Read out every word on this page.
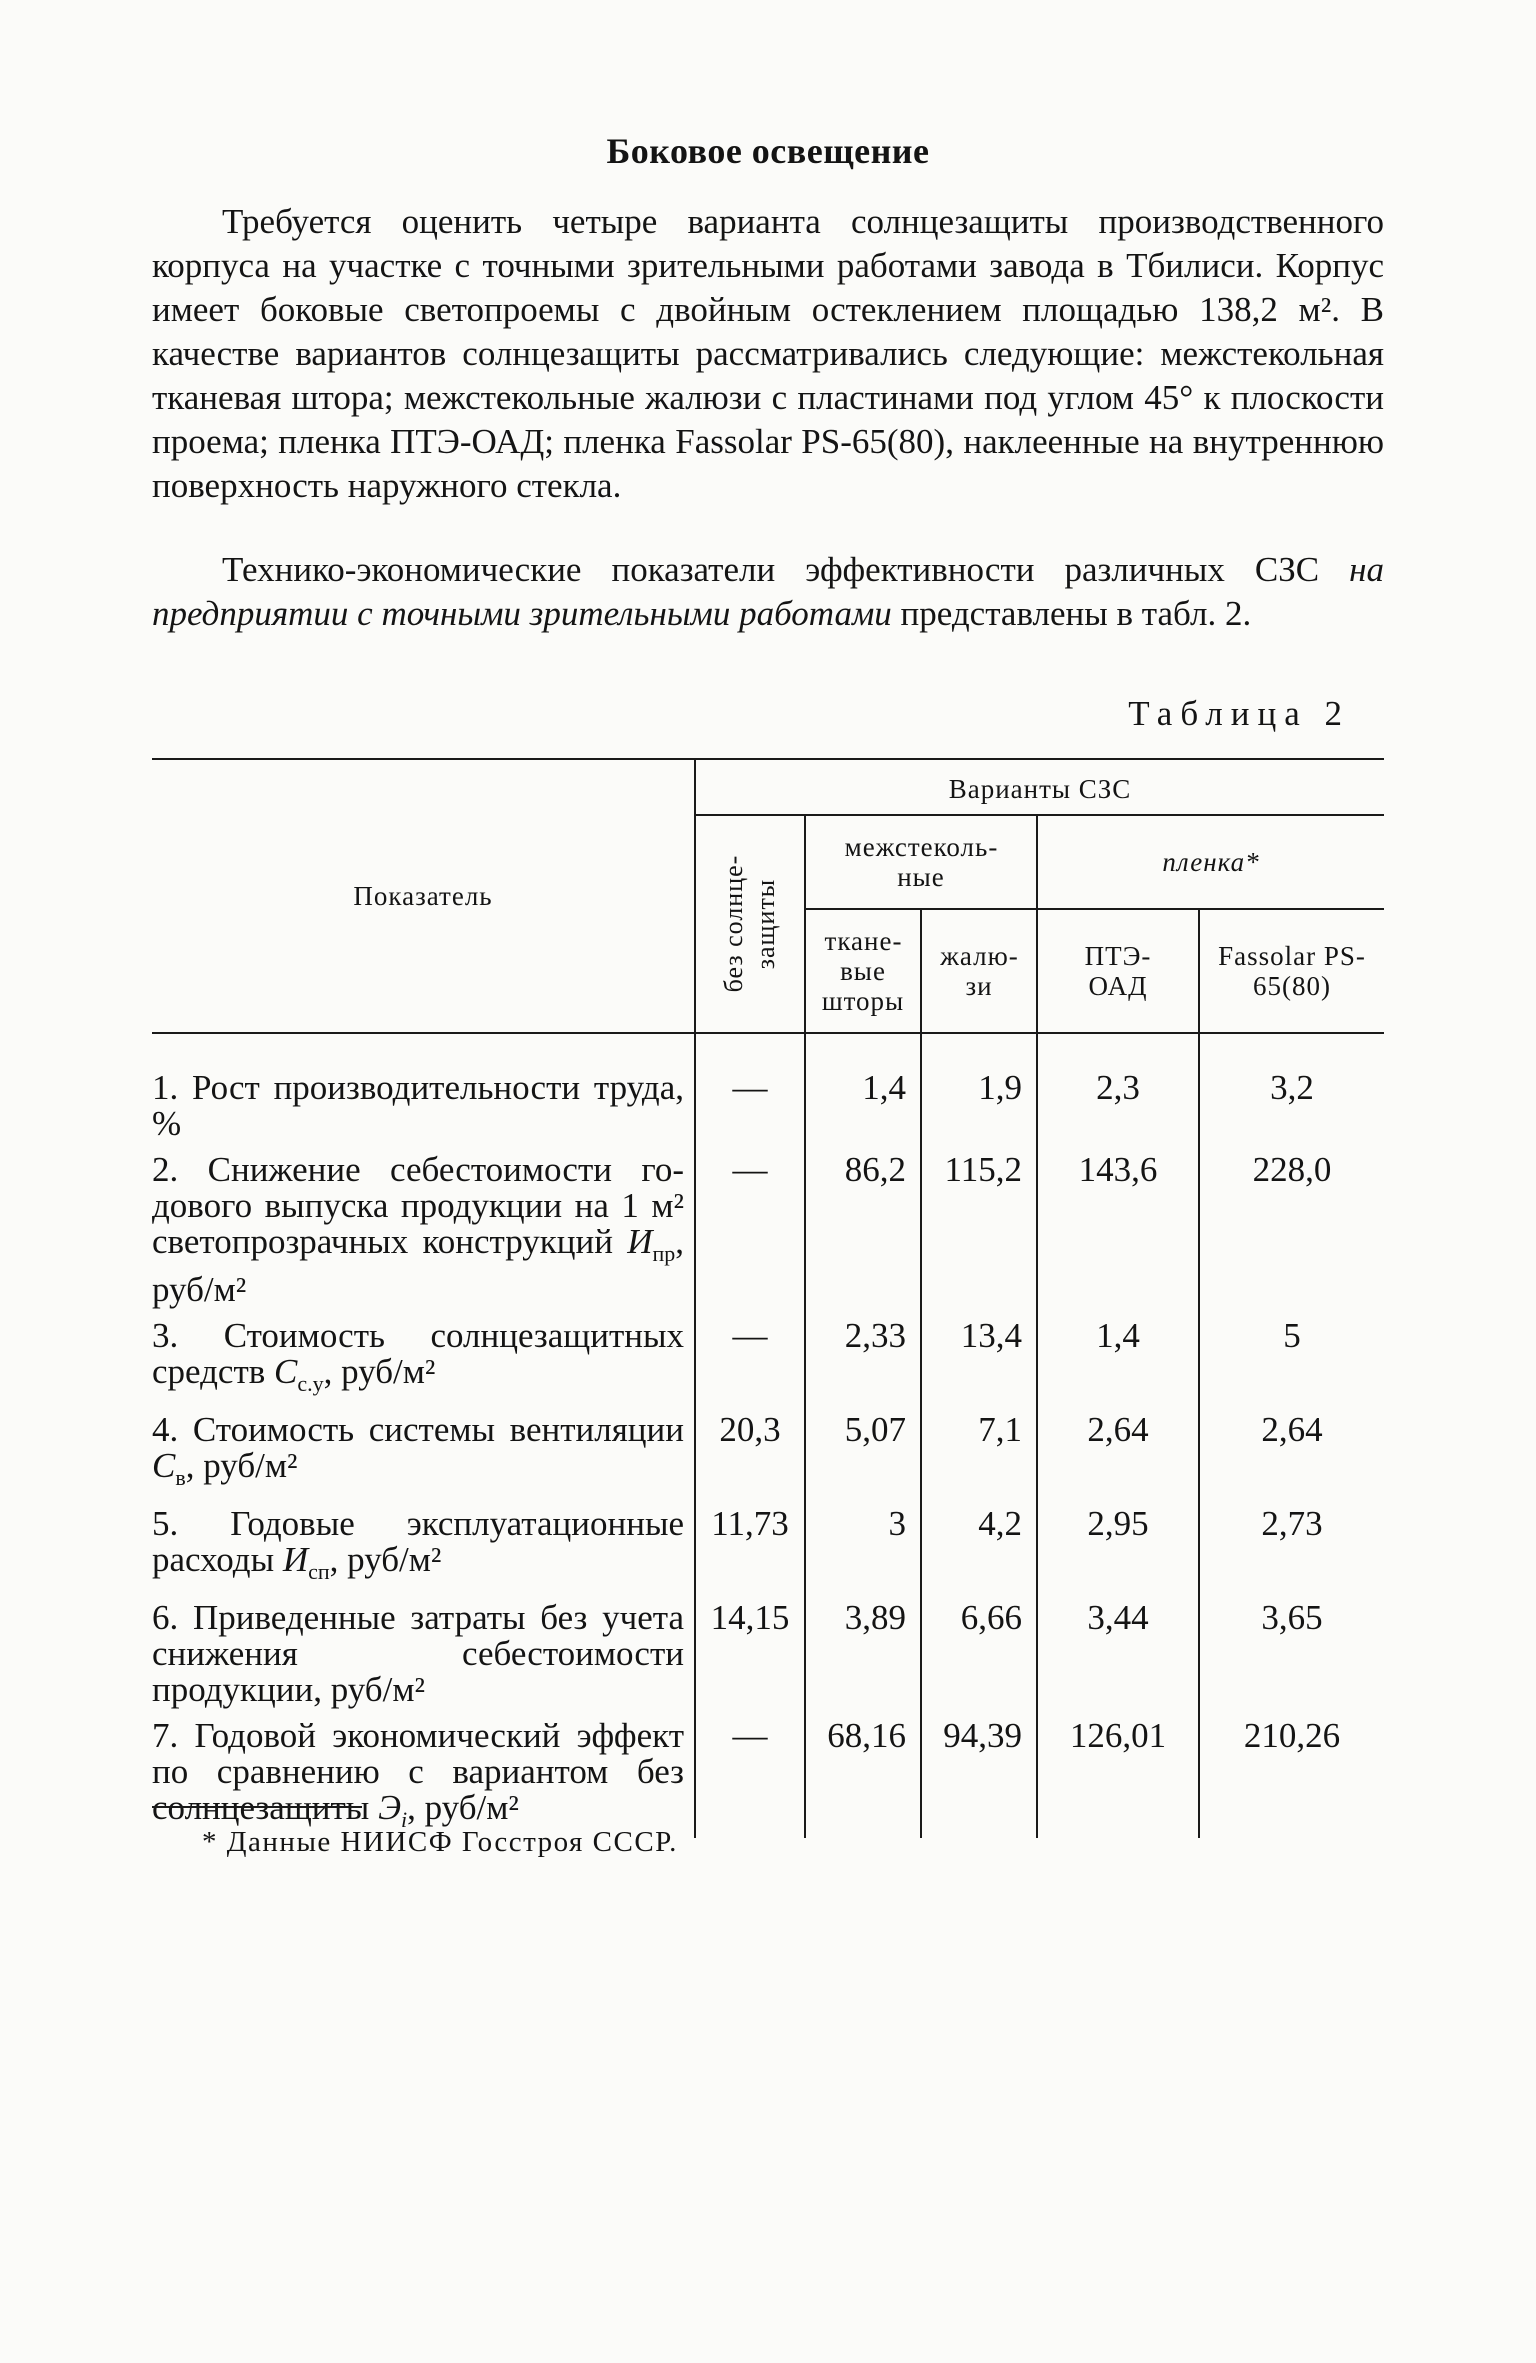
Боковое освещение
Требуется оценить четыре варианта солнцезащиты производственного корпуса на участке с точными зрительными работами завода в Тбилиси. Корпус имеет боковые светопроемы с двойным остеклением площадью 138,2 м². В качестве вариантов солнцезащиты рассматривались следующие: межстекольная тканевая штора; межстекольные жалюзи с пластинами под углом 45° к плоскости проема; пленка ПТЭ-ОАД; пленка Fassolar PS-65(80), наклеенные на внутреннюю поверхность наружного стекла.
Технико-экономические показатели эффективности различных СЗС на предприятии с точными зрительными работами представлены в табл. 2.
Таблица 2
Показатель	Варианты СЗС				

	без солнцезащиты	межстекольные		пленка*	
		тканевые шторы	жалюзи	ПТЭ-ОАД	Fassolar PS-65(80)
1. Рост производительности труда, %	—	1,4	1,9	2,3	3,2
2. Снижение себестоимости годового выпуска продукции на 1 м² светопрозрачных конструкций $И_{пр}$, руб/м²	—	86,2	115,2	143,6	228,0
3. Стоимость солнцезащитных средств $С_{с.у}$, руб/м²	—	2,33	13,4	1,4	5
4. Стоимость системы вентиляции $С_в$, руб/м²	20,3	5,07	7,1	2,64	2,64
5. Годовые эксплуатационные расходы $И_{сп}$, руб/м²	11,73	3	4,2	2,95	2,73
6. Приведенные затраты без учета снижения себестоимости продукции, руб/м²	14,15	3,89	6,66	3,44	3,65
7. Годовой экономический эффект по сравнению с вариантом без солнцезащиты $Э_i$, руб/м²	—	68,16	94,39	126,01	210,26
* Данные НИИСФ Госстроя СССР.
